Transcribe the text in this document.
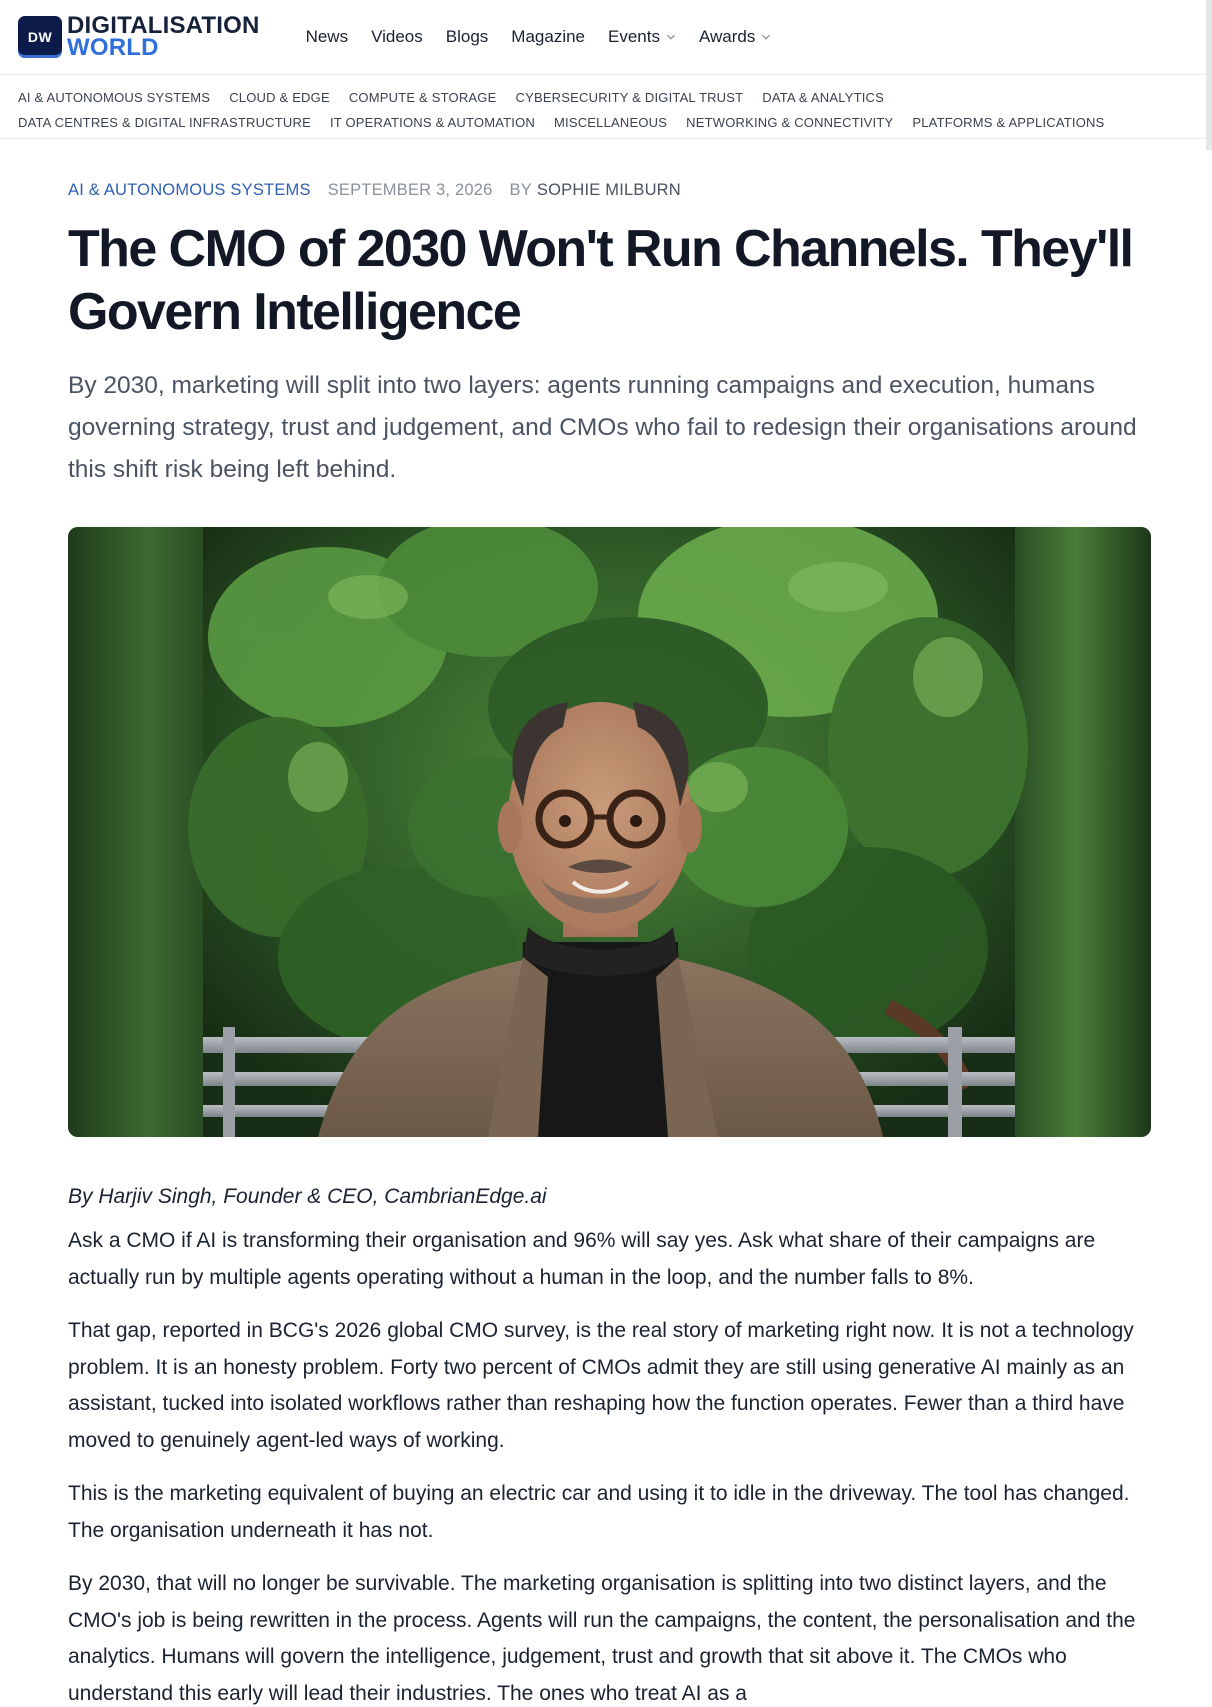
DW DIGITALISATION
WORLD	News Videos Blogs Magazine Events Awards
AI & AUTONOMOUS SYSTEMS CLOUD & EDGE COMPUTE & STORAGE CYBERSECURITY & DIGITAL TRUST DATA & ANALYTICS
DATA CENTRES & DIGITAL INFRASTRUCTURE IT OPERATIONS & AUTOMATION MISCELLANEOUS NETWORKING & CONNECTIVITY PLATFORMS & APPLICATIONS
AI & AUTONOMOUS SYSTEMS SEPTEMBER 3, 2026 BY SOPHIE MILBURN
The CMO of 2030 Won't Run Channels. They'll Govern Intelligence

By 2030, marketing will split into two layers: agents running campaigns and execution, humans governing strategy, trust and judgement, and CMOs who fail to redesign their organisations around this shift risk being left behind.

By Harjiv Singh, Founder & CEO, CambrianEdge.ai

Ask a CMO if AI is transforming their organisation and 96% will say yes. Ask what share of their campaigns are actually run by multiple agents operating without a human in the loop, and the number falls to 8%.

That gap, reported in BCG's 2026 global CMO survey, is the real story of marketing right now. It is not a technology problem. It is an honesty problem. Forty two percent of CMOs admit they are still using generative AI mainly as an assistant, tucked into isolated workflows rather than reshaping how the function operates. Fewer than a third have moved to genuinely agent-led ways of working.

This is the marketing equivalent of buying an electric car and using it to idle in the driveway. The tool has changed. The organisation underneath it has not.

By 2030, that will no longer be survivable. The marketing organisation is splitting into two distinct layers, and the CMO's job is being rewritten in the process. Agents will run the campaigns, the content, the personalisation and the analytics. Humans will govern the intelligence, judgement, trust and growth that sit above it. The CMOs who understand this early will lead their industries. The ones who treat AI as a
